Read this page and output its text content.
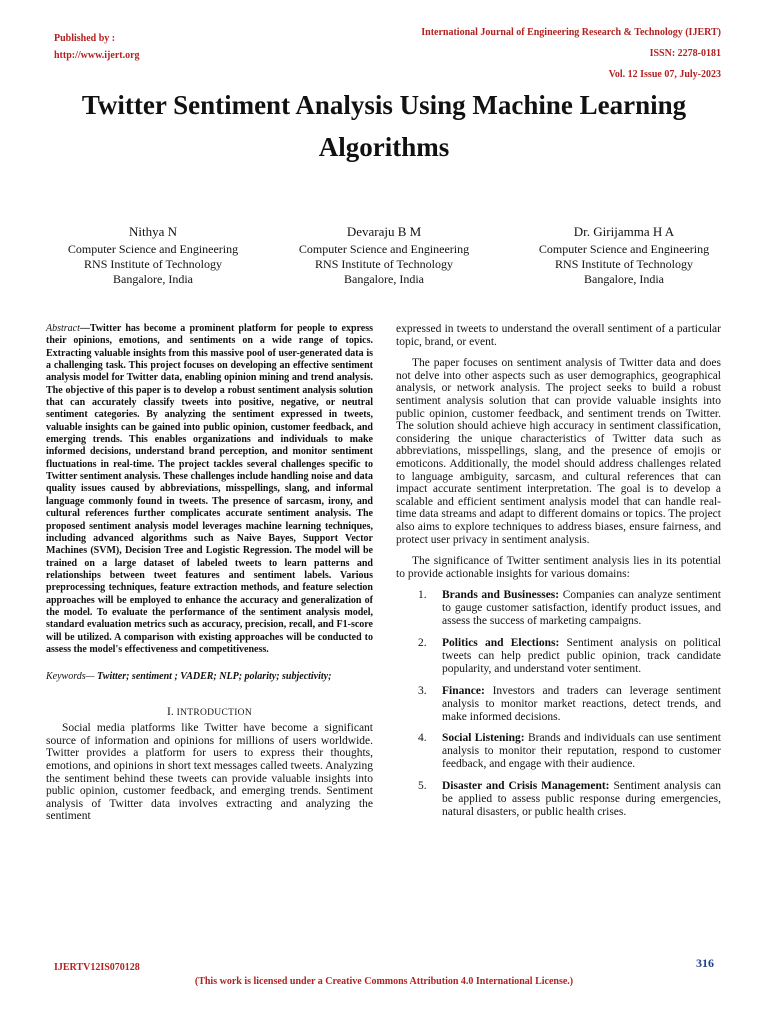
Published by :
http://www.ijert.org
International Journal of Engineering Research & Technology (IJERT)
ISSN: 2278-0181
Vol. 12 Issue 07, July-2023
Twitter Sentiment Analysis Using Machine Learning Algorithms
Nithya N
Computer Science and Engineering
RNS Institute of Technology
Bangalore, India
Devaraju B M
Computer Science and Engineering
RNS Institute of Technology
Bangalore, India
Dr. Girijamma H A
Computer Science and Engineering
RNS Institute of Technology
Bangalore, India

Abstract—Twitter has become a prominent platform for people to express their opinions, emotions, and sentiments on a wide range of topics. Extracting valuable insights from this massive pool of user-generated data is a challenging task. This project focuses on developing an effective sentiment analysis model for Twitter data, enabling opinion mining and trend analysis. The objective of this paper is to develop a robust sentiment analysis solution that can accurately classify tweets into positive, negative, or neutral sentiment categories. By analyzing the sentiment expressed in tweets, valuable insights can be gained into public opinion, customer feedback, and emerging trends. This enables organizations and individuals to make informed decisions, understand brand perception, and monitor sentiment fluctuations in real-time. The project tackles several challenges specific to Twitter sentiment analysis. These challenges include handling noise and data quality issues caused by abbreviations, misspellings, slang, and informal language commonly found in tweets. The presence of sarcasm, irony, and cultural references further complicates accurate sentiment analysis. The proposed sentiment analysis model leverages machine learning techniques, including advanced algorithms such as Naive Bayes, Support Vector Machines (SVM), Decision Tree and Logistic Regression. The model will be trained on a large dataset of labeled tweets to learn patterns and relationships between tweet features and sentiment labels. Various preprocessing techniques, feature extraction methods, and feature selection approaches will be employed to enhance the accuracy and generalization of the model. To evaluate the performance of the sentiment analysis model, standard evaluation metrics such as accuracy, precision, recall, and F1-score will be utilized. A comparison with existing approaches will be conducted to assess the model's effectiveness and competitiveness.

Keywords— Twitter; sentiment ; VADER; NLP; polarity; subjectivity;

I. INTRODUCTION

Social media platforms like Twitter have become a significant source of information and opinions for millions of users worldwide. Twitter provides a platform for users to express their thoughts, emotions, and opinions in short text messages called tweets. Analyzing the sentiment behind these tweets can provide valuable insights into public opinion, customer feedback, and emerging trends. Sentiment analysis of Twitter data involves extracting and analyzing the sentiment

expressed in tweets to understand the overall sentiment of a particular topic, brand, or event.

The paper focuses on sentiment analysis of Twitter data and does not delve into other aspects such as user demographics, geographical analysis, or network analysis. The project seeks to build a robust sentiment analysis solution that can provide valuable insights into public opinion, customer feedback, and sentiment trends on Twitter. The solution should achieve high accuracy in sentiment classification, considering the unique characteristics of Twitter data such as abbreviations, misspellings, slang, and the presence of emojis or emoticons. Additionally, the model should address challenges related to language ambiguity, sarcasm, and cultural references that can impact accurate sentiment interpretation. The goal is to develop a scalable and efficient sentiment analysis model that can handle real-time data streams and adapt to different domains or topics. The project also aims to explore techniques to address biases, ensure fairness, and protect user privacy in sentiment analysis.

The significance of Twitter sentiment analysis lies in its potential to provide actionable insights for various domains:

1. Brands and Businesses: Companies can analyze sentiment to gauge customer satisfaction, identify product issues, and assess the success of marketing campaigns.
2. Politics and Elections: Sentiment analysis on political tweets can help predict public opinion, track candidate popularity, and understand voter sentiment.
3. Finance: Investors and traders can leverage sentiment analysis to monitor market reactions, detect trends, and make informed decisions.
4. Social Listening: Brands and individuals can use sentiment analysis to monitor their reputation, respond to customer feedback, and engage with their audience.
5. Disaster and Crisis Management: Sentiment analysis can be applied to assess public response during emergencies, natural disasters, or public health crises.
IJERTV12IS070128	316
(This work is licensed under a Creative Commons Attribution 4.0 International License.)
